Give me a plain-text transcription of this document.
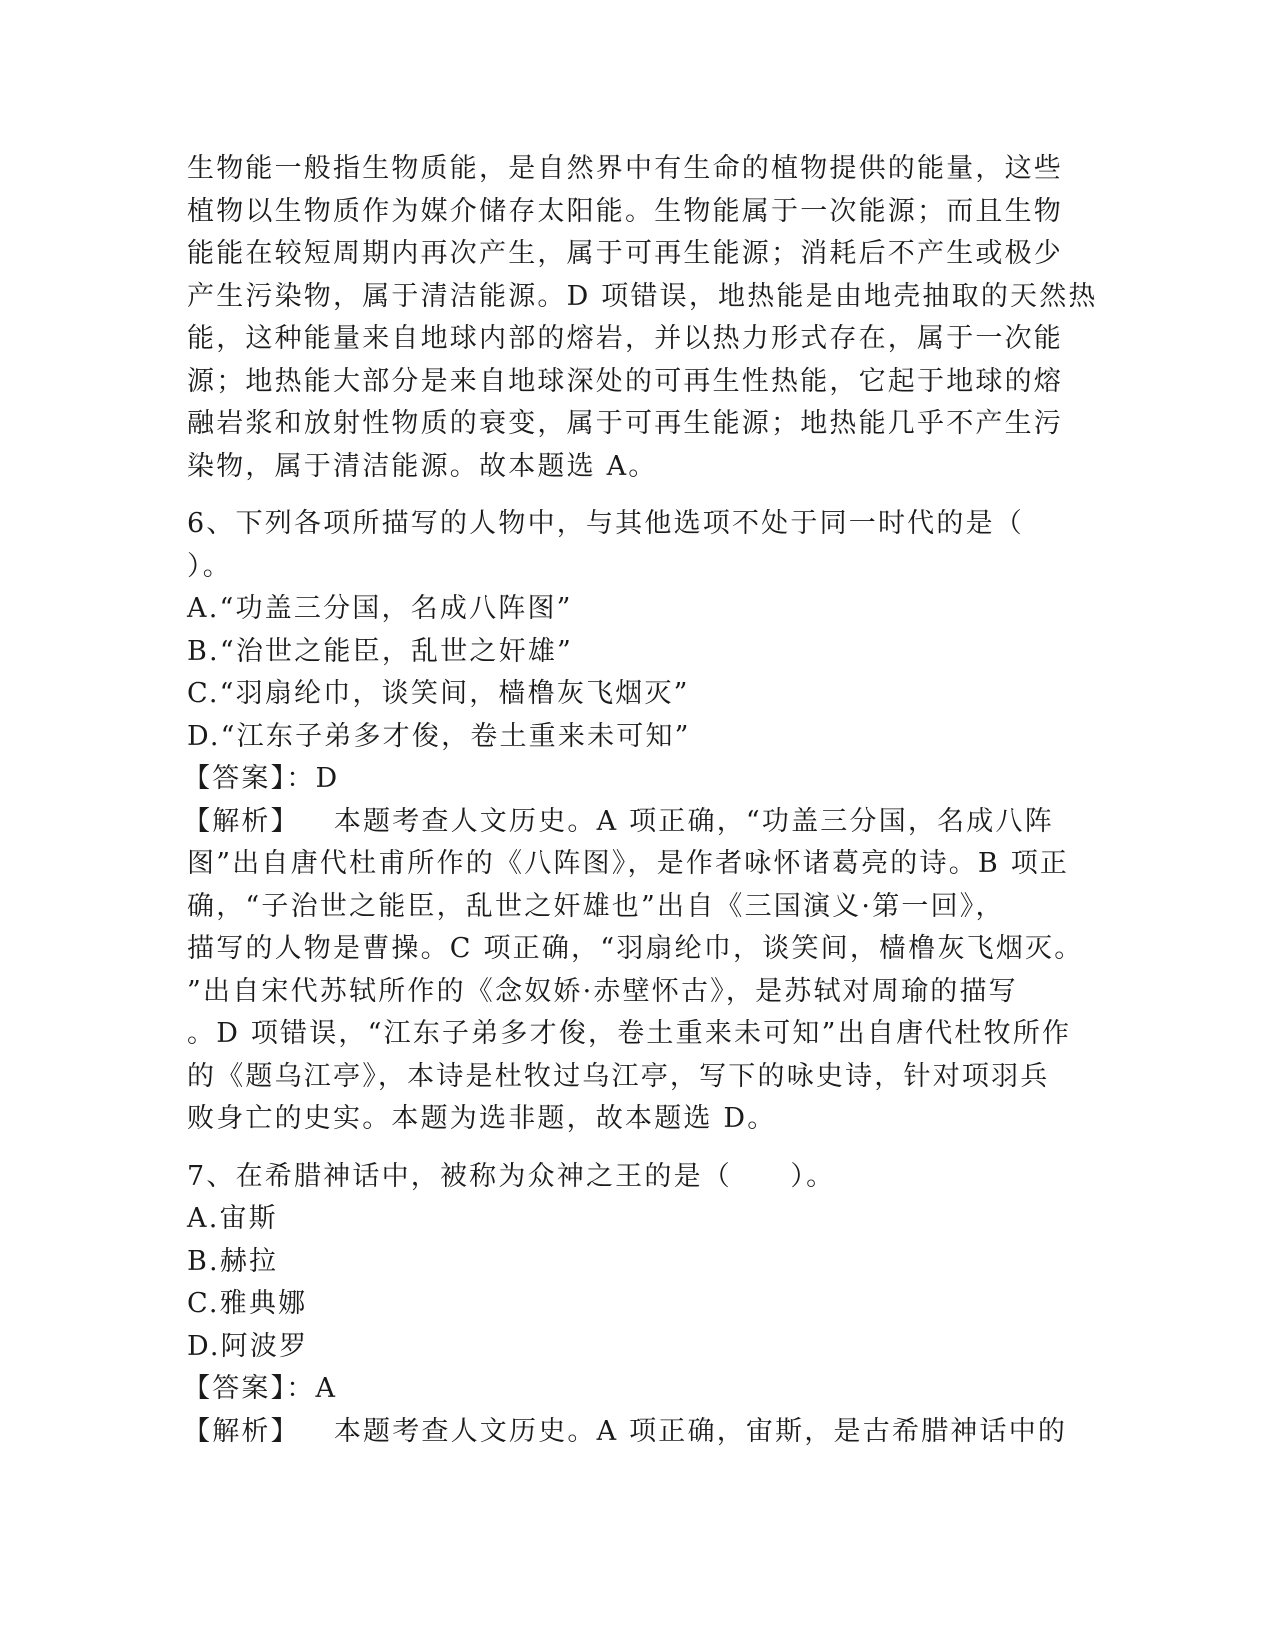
生物能一般指生物质能，是自然界中有生命的植物提供的能量，这些
植物以生物质作为媒介储存太阳能。生物能属于一次能源；而且生物
能能在较短周期内再次产生，属于可再生能源；消耗后不产生或极少
产生污染物，属于清洁能源。D 项错误，地热能是由地壳抽取的天然热
能，这种能量来自地球内部的熔岩，并以热力形式存在，属于一次能
源；地热能大部分是来自地球深处的可再生性热能，它起于地球的熔
融岩浆和放射性物质的衰变，属于可再生能源；地热能几乎不产生污
染物，属于清洁能源。故本题选 A。
6、下列各项所描写的人物中，与其他选项不处于同一时代的是（
）。
A.“功盖三分国，名成八阵图”
B.“治世之能臣，乱世之奸雄”
C.“羽扇纶巾，谈笑间，樯橹灰飞烟灭”
D.“江东子弟多才俊，卷土重来未可知”
【答案】：D
【解析】 本题考查人文历史。A 项正确，“功盖三分国，名成八阵
图”出自唐代杜甫所作的《八阵图》，是作者咏怀诸葛亮的诗。B 项正
确，“子治世之能臣，乱世之奸雄也”出自《三国演义·第一回》，
描写的人物是曹操。C 项正确，“羽扇纶巾，谈笑间，樯橹灰飞烟灭。
”出自宋代苏轼所作的《念奴娇·赤壁怀古》，是苏轼对周瑜的描写
。D 项错误，“江东子弟多才俊，卷土重来未可知”出自唐代杜牧所作
的《题乌江亭》，本诗是杜牧过乌江亭，写下的咏史诗，针对项羽兵
败身亡的史实。本题为选非题，故本题选 D。
7、在希腊神话中，被称为众神之王的是（　　）。
A.宙斯
B.赫拉
C.雅典娜
D.阿波罗
【答案】：A
【解析】 本题考查人文历史。A 项正确，宙斯，是古希腊神话中的
